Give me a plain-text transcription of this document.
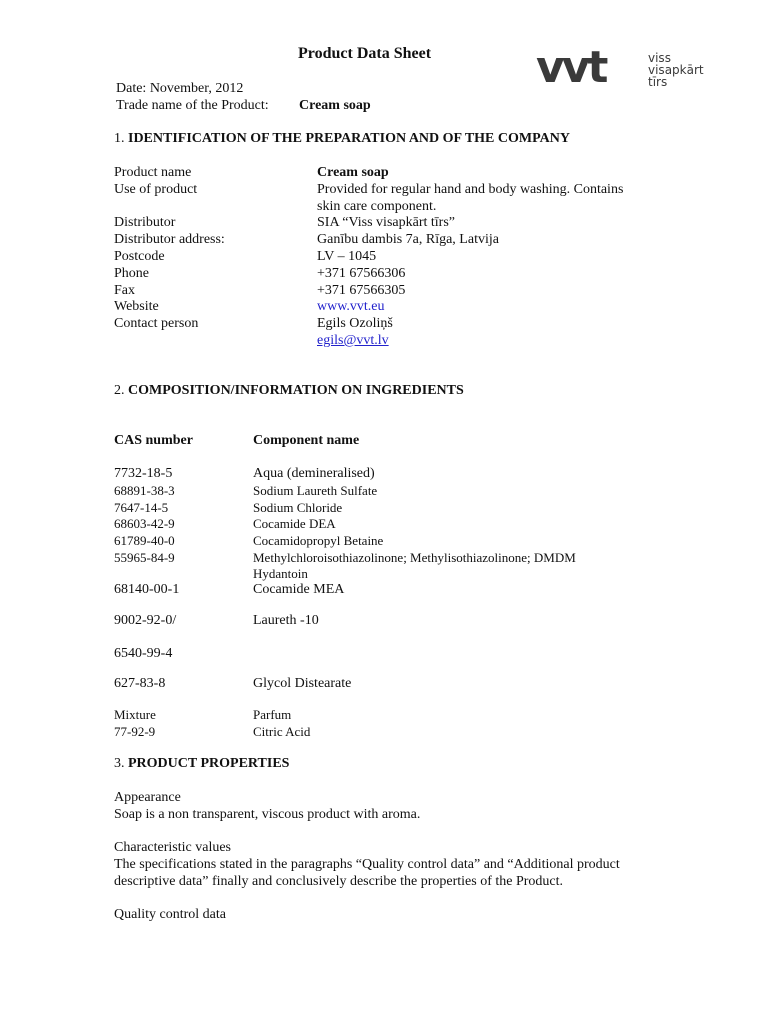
Product Data Sheet vvt	viss
visapkārt
tīrs
Date: November, 2012
Trade name of the Product: Cream soap
1. IDENTIFICATION OF THE PREPARATION AND OF THE COMPANY
Product name	Cream soap
Use of product	Provided for regular hand and body washing. Contains
skin care component.
Distributor	SIA “Viss visapkārt tīrs”
Distributor address:	Ganību dambis 7a, Rīga, Latvija
Postcode	LV – 1045
Phone	+371 67566306
Fax	+371 67566305
Website	www.vvt.eu
Contact person	Egils Ozoliņš
egils@vvt.lv
2. COMPOSITION/INFORMATION ON INGREDIENTS
CAS number	Component name
7732-18-5	Aqua (demineralised)
68891-38-3	Sodium Laureth Sulfate
7647-14-5	Sodium Chloride
68603-42-9	Cocamide DEA
61789-40-0	Cocamidopropyl Betaine
55965-84-9	Methylchloroisothiazolinone; Methylisothiazolinone; DMDM
Hydantoin
68140-00-1	Cocamide MEA
9002-92-0/	Laureth -10
6540-99-4
627-83-8	Glycol Distearate
Mixture	Parfum
77-92-9	Citric Acid
3. PRODUCT PROPERTIES
Appearance
Soap is a non transparent, viscous product with aroma.
Characteristic values
The specifications stated in the paragraphs “Quality control data” and “Additional product
descriptive data” finally and conclusively describe the properties of the Product.
Quality control data
